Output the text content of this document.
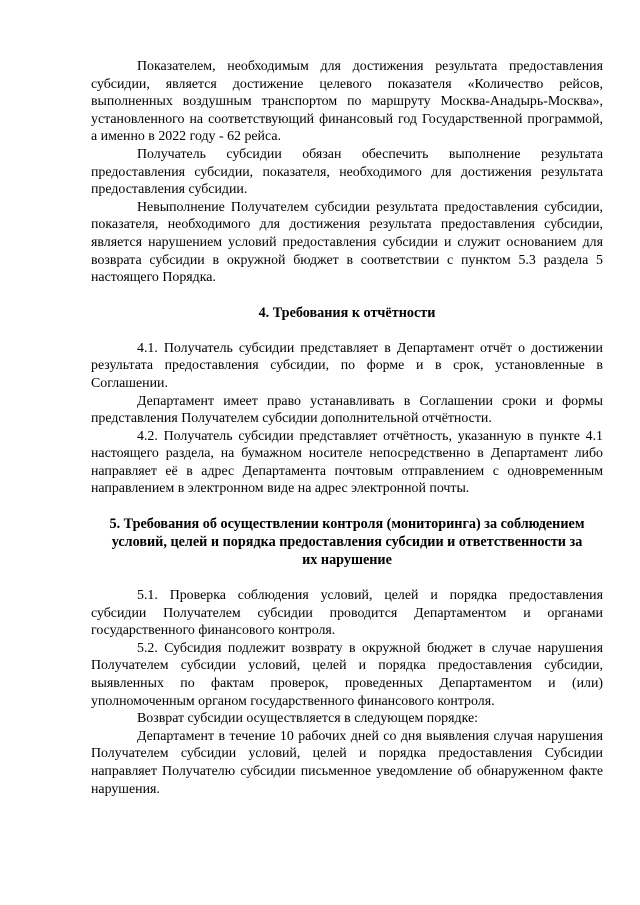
Показателем, необходимым для достижения результата предоставления субсидии, является достижение целевого показателя «Количество рейсов, выполненных воздушным транспортом по маршруту Москва-Анадырь-Москва», установленного на соответствующий финансовый год Государственной программой, а именно в 2022 году - 62 рейса.

Получатель субсидии обязан обеспечить выполнение результата предоставления субсидии, показателя, необходимого для достижения результата предоставления субсидии.

Невыполнение Получателем субсидии результата предоставления субсидии, показателя, необходимого для достижения результата предоставления субсидии, является нарушением условий предоставления субсидии и служит основанием для возврата субсидии в окружной бюджет в соответствии с пунктом 5.3 раздела 5 настоящего Порядка.

4. Требования к отчётности

4.1. Получатель субсидии представляет в Департамент отчёт о достижении результата предоставления субсидии, по форме и в срок, установленные в Соглашении.

Департамент имеет право устанавливать в Соглашении сроки и формы представления Получателем субсидии дополнительной отчётности.

4.2. Получатель субсидии представляет отчётность, указанную в пункте 4.1 настоящего раздела, на бумажном носителе непосредственно в Департамент либо направляет её в адрес Департамента почтовым отправлением с одновременным направлением в электронном виде на адрес электронной почты.

5. Требования об осуществлении контроля (мониторинга) за соблюдением
условий, целей и порядка предоставления субсидии и ответственности за
их нарушение

5.1. Проверка соблюдения условий, целей и порядка предоставления субсидии Получателем субсидии проводится Департаментом и органами государственного финансового контроля.

5.2. Субсидия подлежит возврату в окружной бюджет в случае нарушения Получателем субсидии условий, целей и порядка предоставления субсидии, выявленных по фактам проверок, проведенных Департаментом и (или) уполномоченным органом государственного финансового контроля.

Возврат субсидии осуществляется в следующем порядке:

Департамент в течение 10 рабочих дней со дня выявления случая нарушения Получателем субсидии условий, целей и порядка предоставления Субсидии направляет Получателю субсидии письменное уведомление об обнаруженном факте нарушения.
